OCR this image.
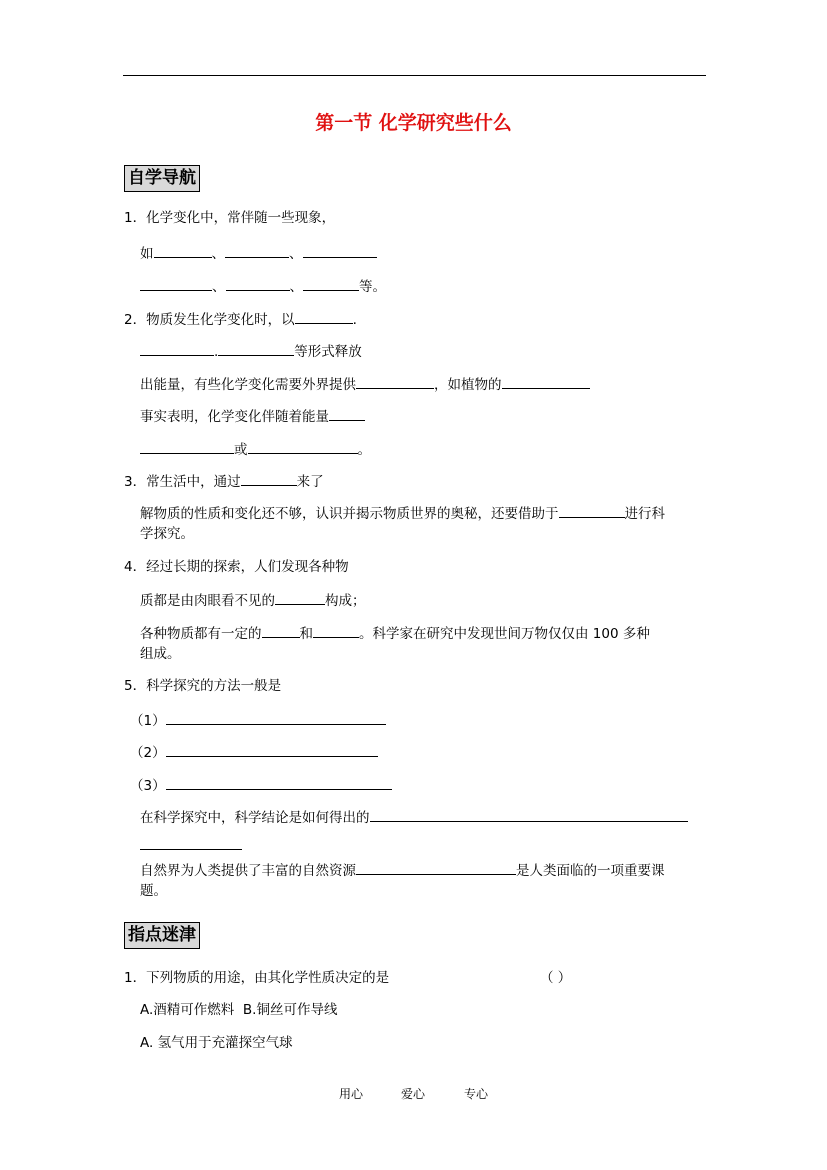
第一节 化学研究些什么
自学导航
1．化学变化中，常伴随一些现象，
如	、	、
、	、	等。
2．物质发生化学变化时，以	.
.	等形式释放
出能量，有些化学变化需要外界提供	，如植物的
事实表明，化学变化伴随着能量
或	。
3．常生活中，通过	来了
解物质的性质和变化还不够，认识并揭示物质世界的奥秘，还要借助于	进行科
学探究。
4．经过长期的探索，人们发现各种物
质都是由肉眼看不见的	构成；
各种物质都有一定的	和	。科学家在研究中发现世间万物仅仅由 100 多种
组成。
5．科学探究的方法一般是
（1）
（2）
（3）
在科学探究中，科学结论是如何得出的
自然界为人类提供了丰富的自然资源	是人类面临的一项重要课
题。
指点迷津
1．下列物质的用途，由其化学性质决定的是	（ ）
A.酒精可作燃料 B.铜丝可作导线
A. 氢气用于充灌探空气球
用心	爱心	专心
